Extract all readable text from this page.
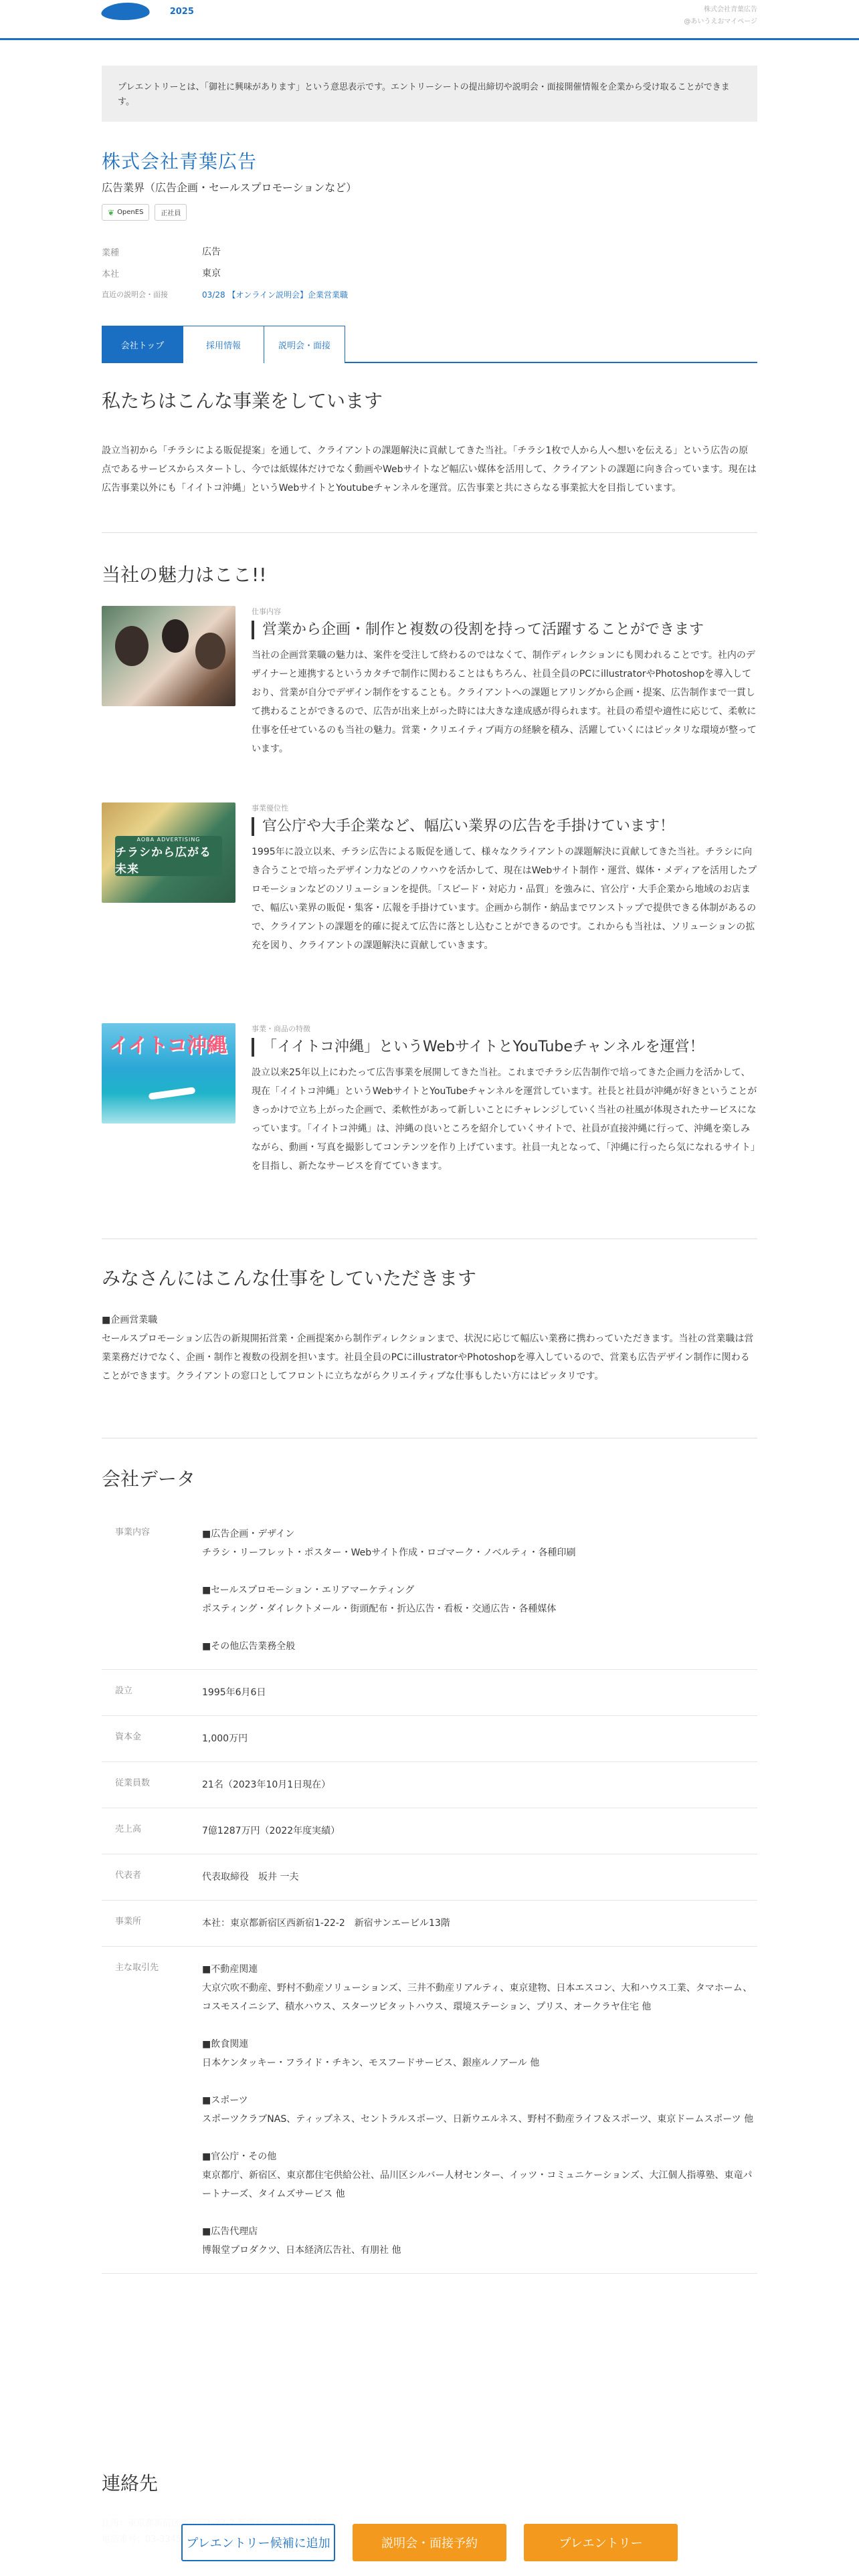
2025	株式会社青葉広告
@あいうえおマイページ
プレエントリーとは、「御社に興味があります」という意思表示です。エントリーシートの提出締切や説明会・面接開催情報を企業から受け取ることができます。
株式会社青葉広告
広告業界（広告企画・セールスプロモーションなど）
❦ OpenES	正社員
業種	広告
本社	東京
直近の説明会・面接	03/28 【オンライン説明会】企業営業職
会社トップ	採用情報	説明会・面接
私たちはこんな事業をしています

設立当初から「チラシによる販促提案」を通して、クライアントの課題解決に貢献してきた当社。「チラシ1枚で人から人へ想いを伝える」という広告の原点であるサービスからスタートし、今では紙媒体だけでなく動画やWebサイトなど幅広い媒体を活用して、クライアントの課題に向き合っています。現在は広告事業以外にも「イイトコ沖縄」というWebサイトとYoutubeチャンネルを運営。広告事業と共にさらなる事業拡大を目指しています。

当社の魅力はここ!!
仕事内容
営業から企画・制作と複数の役割を持って活躍することができます

当社の企画営業職の魅力は、案件を受注して終わるのではなくて、制作ディレクションにも関われることです。社内のデザイナーと連携するというカタチで制作に関わることはもちろん、社員全員のPCにillustratorやPhotoshopを導入しており、営業が自分でデザイン制作をすることも。クライアントへの課題ヒアリングから企画・提案、広告制作まで一貫して携わることができるので、広告が出来上がった時には大きな達成感が得られます。社員の希望や適性に応じて、柔軟に仕事を任せているのも当社の魅力。営業・クリエイティブ両方の経験を積み、活躍していくにはピッタリな環境が整っています。

AOBA ADVERTISING
チラシから広がる未来
事業優位性
官公庁や大手企業など、幅広い業界の広告を手掛けています！

1995年に設立以来、チラシ広告による販促を通して、様々なクライアントの課題解決に貢献してきた当社。チラシに向き合うことで培ったデザイン力などのノウハウを活かして、現在はWebサイト制作・運営、媒体・メディアを活用したプロモーションなどのソリューションを提供。「スピード・対応力・品質」を強みに、官公庁・大手企業から地域のお店まで、幅広い業界の販促・集客・広報を手掛けています。企画から制作・納品までワンストップで提供できる体制があるので、クライアントの課題を的確に捉えて広告に落とし込むことができるのです。これからも当社は、ソリューションの拡充を図り、クライアントの課題解決に貢献していきます。

イイトコ沖縄
事業・商品の特徴
「イイトコ沖縄」というWebサイトとYouTubeチャンネルを運営！

設立以来25年以上にわたって広告事業を展開してきた当社。これまでチラシ広告制作で培ってきた企画力を活かして、現在「イイトコ沖縄」というWebサイトとYouTubeチャンネルを運営しています。社長と社員が沖縄が好きということがきっかけで立ち上がった企画で、柔軟性があって新しいことにチャレンジしていく当社の社風が体現されたサービスになっています。「イイトコ沖縄」は、沖縄の良いところを紹介していくサイトで、社員が直接沖縄に行って、沖縄を楽しみながら、動画・写真を撮影してコンテンツを作り上げています。社員一丸となって、「沖縄に行ったら気になれるサイト」を目指し、新たなサービスを育てていきます。

みなさんにはこんな仕事をしていただきます

■企画営業職
セールスプロモーション広告の新規開拓営業・企画提案から制作ディレクションまで、状況に応じて幅広い業務に携わっていただきます。当社の営業職は営業業務だけでなく、企画・制作と複数の役割を担います。社員全員のPCにillustratorやPhotoshopを導入しているので、営業も広告デザイン制作に関わることができます。クライアントの窓口としてフロントに立ちながらクリエイティブな仕事もしたい方にはピッタリです。

会社データ
事業内容	■広告企画・デザイン
チラシ・リーフレット・ポスター・Webサイト作成・ロゴマーク・ノベルティ・各種印刷
■セールスプロモーション・エリアマーケティング
ポスティング・ダイレクトメール・街頭配布・折込広告・看板・交通広告・各種媒体
■その他広告業務全般
設立	1995年6月6日
資本金	1,000万円
従業員数	21名（2023年10月1日現在）
売上高	7億1287万円（2022年度実績）
代表者	代表取締役　坂井 一夫
事業所	本社：東京都新宿区西新宿1-22-2　新宿サンエービル13階
主な取引先	■不動産関連
大京穴吹不動産、野村不動産ソリューションズ、三井不動産リアルティ、東京建物、日本エスコン、大和ハウス工業、タマホーム、コスモスイニシア、積水ハウス、スターツピタットハウス、環境ステーション、プリス、オークラヤ住宅 他
■飲食関連
日本ケンタッキー・フライド・チキン、モスフードサービス、銀座ルノアール 他
■スポーツ
スポーツクラブNAS、ティップネス、セントラルスポーツ、日新ウエルネス、野村不動産ライフ＆スポーツ、東京ドームスポーツ 他
■官公庁・その他
東京都庁、新宿区、東京都住宅供給公社、品川区シルバー人材センター、イッツ・コミュニケーションズ、大江個人指導塾、東竜パートナーズ、タイムズサービス 他
■広告代理店
博報堂プロダクツ、日本経済広告社、有朋社 他
連絡先
プレエントリー候補に追加	説明会・面接予約	プレエントリー
